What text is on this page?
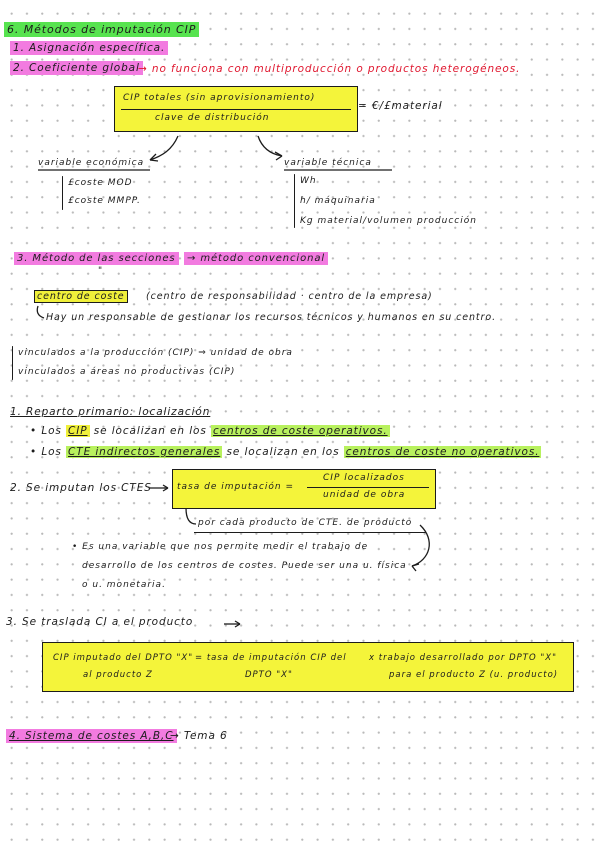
6. Métodos de imputación CIP
1. Asignación específica.
2. Coeficiente global
→ no funciona con multiproducción o productos heterogéneos.
CIP totales (sin aprovisionamiento)
clave de distribución
= €/£material
variable económica
£coste MOD
£coste MMPP.
variable técnica
Wh
h/ máquinaria
Kg material/volumen producción
3. Método de las secciones	→ método convencional
"
centro de coste	(centro de responsabilidad · centro de la empresa)
Hay un responsable de gestionar los recursos técnicos y humanos en su centro.
vinculados a la producción (CIP) ⇒ unidad de obra
vinculados a áreas no productivas (CIP)
1. Reparto primario: localización
• Los CIP se localizan en los centros de coste operativos.
• Los CTE indirectos generales se localizan en los centros de coste no operativos.
2. Se imputan los CTES	tasa de imputación =
CIP localizados
unidad de obra
por cada producto de CTE. de producto
• Es una variable que nos permite medir el trabajo de
desarrollo de los centros de costes. Puede ser una u. física
o u. monetaria.
3. Se traslada CI a el producto
CIP imputado del DPTO "X"
al producto Z
= tasa de imputación CIP del
DPTO "X"
x trabajo desarrollado por DPTO "X"
para el producto Z (u. producto)
4. Sistema de costes A,B,C
→ Tema 6
